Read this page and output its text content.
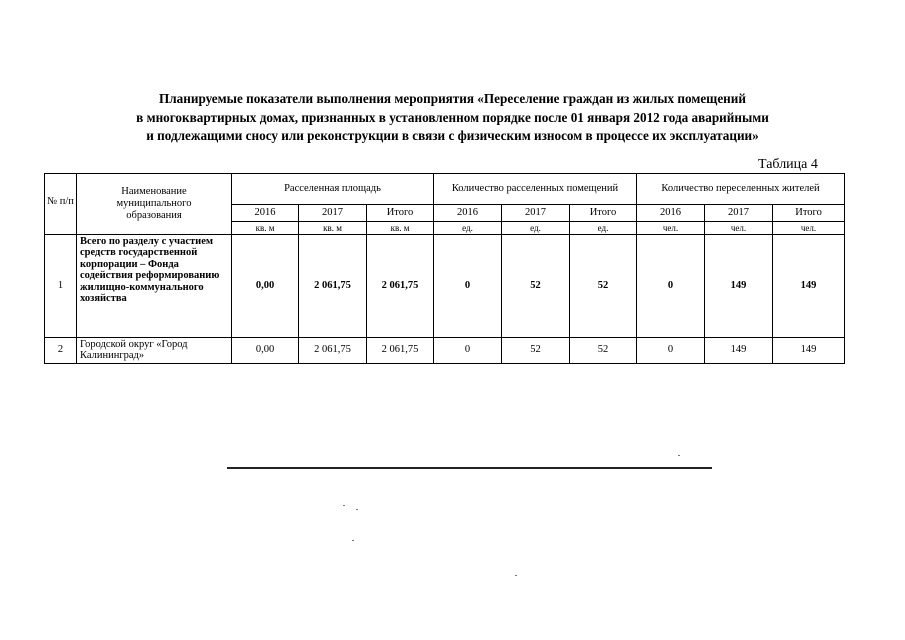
Планируемые показатели выполнения мероприятия «Переселение граждан из жилых помещений
в многоквартирных домах, признанных в установленном порядке после 01 января 2012 года аварийными
и подлежащими сносу или реконструкции в связи с физическим износом в процессе их эксплуатации»
Таблица 4
№ п/п	Наименование муниципального образования	Расселенная площадь			Количество расселенных помещений			Количество переселенных жителей		
		2016	2017	Итого	2016	2017	Итого	2016	2017	Итого
		кв. м	кв. м	кв. м	ед.	ед.	ед.	чел.	чел.	чел.
1	Всего по разделу с участием средств государственной корпорации – Фонда содействия реформированию жилищно-коммунального хозяйства	0,00	2 061,75	2 061,75	0	52	52	0	149	149
2	Городской округ «Город Калининград»	0,00	2 061,75	2 061,75	0	52	52	0	149	149
